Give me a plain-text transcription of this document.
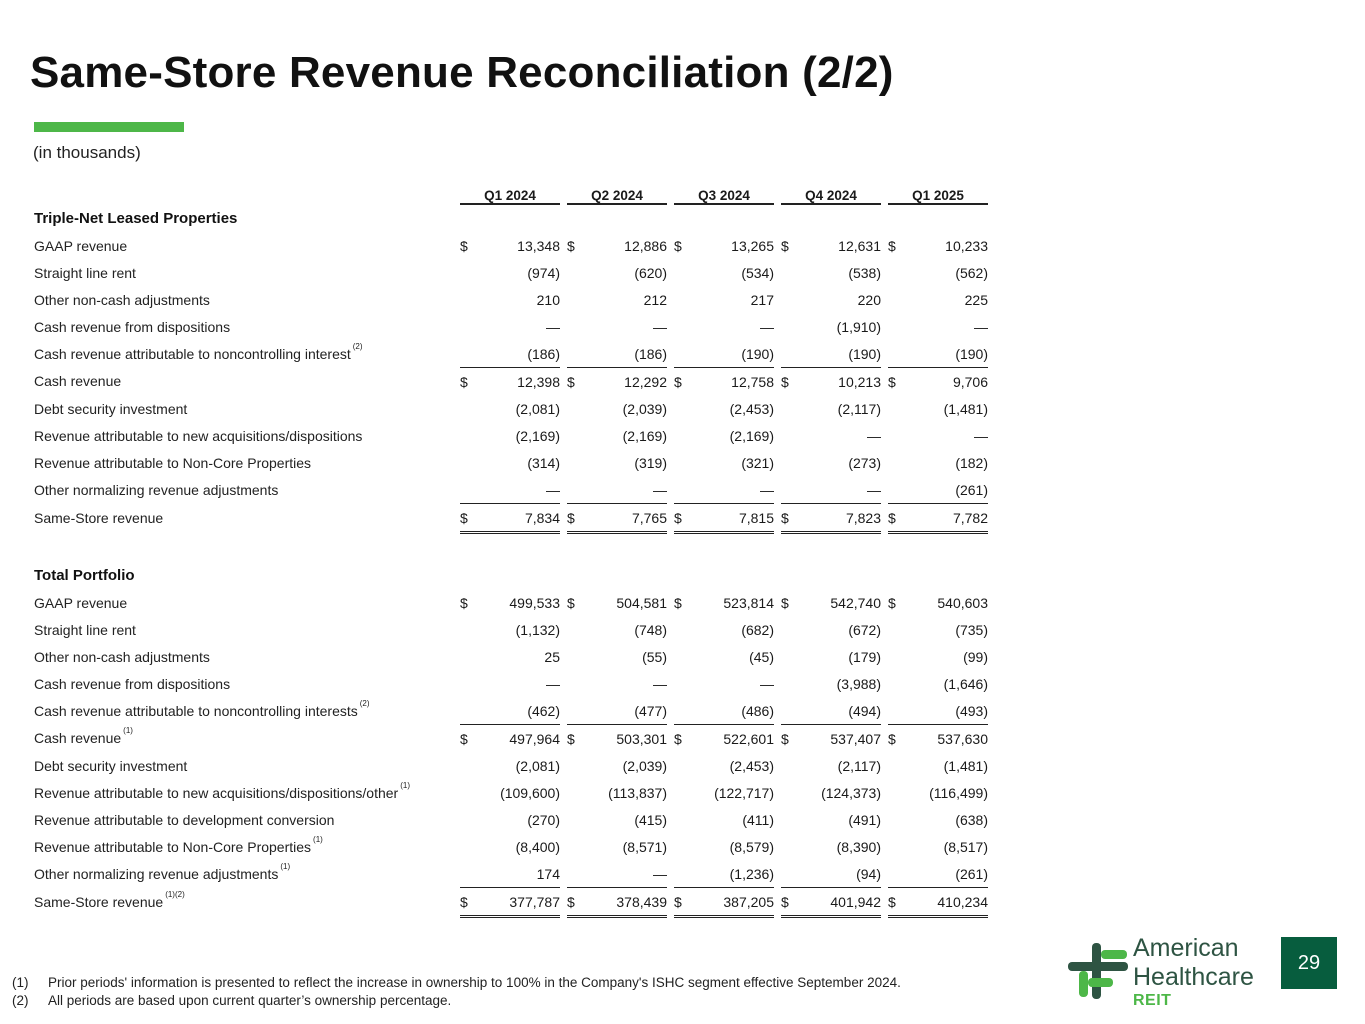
Same-Store Revenue Reconciliation (2/2)
(in thousands)
	Q1 2024			Q2 2024			Q3 2024			Q4 2024			Q1 2025	
Triple-Net Leased Properties														
GAAP revenue	$	13,348		$	12,886		$	13,265		$	12,631		$	10,233
Straight line rent		(974)			(620)			(534)			(538)			(562)
Other non-cash adjustments		210			212			217			220			225
Cash revenue from dispositions		—			—			—			(1,910)			—
Cash revenue attributable to noncontrolling interest $^{(2)}$		(186)			(186)			(190)			(190)			(190)
Cash revenue	$	12,398		$	12,292		$	12,758		$	10,213		$	9,706
Debt security investment		(2,081)			(2,039)			(2,453)			(2,117)			(1,481)
Revenue attributable to new acquisitions/dispositions		(2,169)			(2,169)			(2,169)			—			—
Revenue attributable to Non-Core Properties		(314)			(319)			(321)			(273)			(182)
Other normalizing revenue adjustments		—			—			—			—			(261)
Same-Store revenue	$	7,834		$	7,765		$	7,815		$	7,823		$	7,782

Total Portfolio														
GAAP revenue	$	499,533		$	504,581		$	523,814		$	542,740		$	540,603
Straight line rent		(1,132)			(748)			(682)			(672)			(735)
Other non-cash adjustments		25			(55)			(45)			(179)			(99)
Cash revenue from dispositions		—			—			—			(3,988)			(1,646)
Cash revenue attributable to noncontrolling interests $^{(2)}$		(462)			(477)			(486)			(494)			(493)
Cash revenue $^{(1)}$	$	497,964		$	503,301		$	522,601		$	537,407		$	537,630
Debt security investment		(2,081)			(2,039)			(2,453)			(2,117)			(1,481)
Revenue attributable to new acquisitions/dispositions/other $^{(1)}$		(109,600)			(113,837)			(122,717)			(124,373)			(116,499)
Revenue attributable to development conversion		(270)			(415)			(411)			(491)			(638)
Revenue attributable to Non-Core Properties $^{(1)}$		(8,400)			(8,571)			(8,579)			(8,390)			(8,517)
Other normalizing revenue adjustments $^{(1)}$		174			—			(1,236)			(94)			(261)
Same-Store revenue $^{(1)(2)}$	$	377,787		$	378,439		$	387,205		$	401,942		$	410,234
(1) Prior periods' information is presented to reflect the increase in ownership to 100% in the Company's ISHC segment effective September 2024.
(2) All periods are based upon current quarter’s ownership percentage.
American
Healthcare
REIT
29
